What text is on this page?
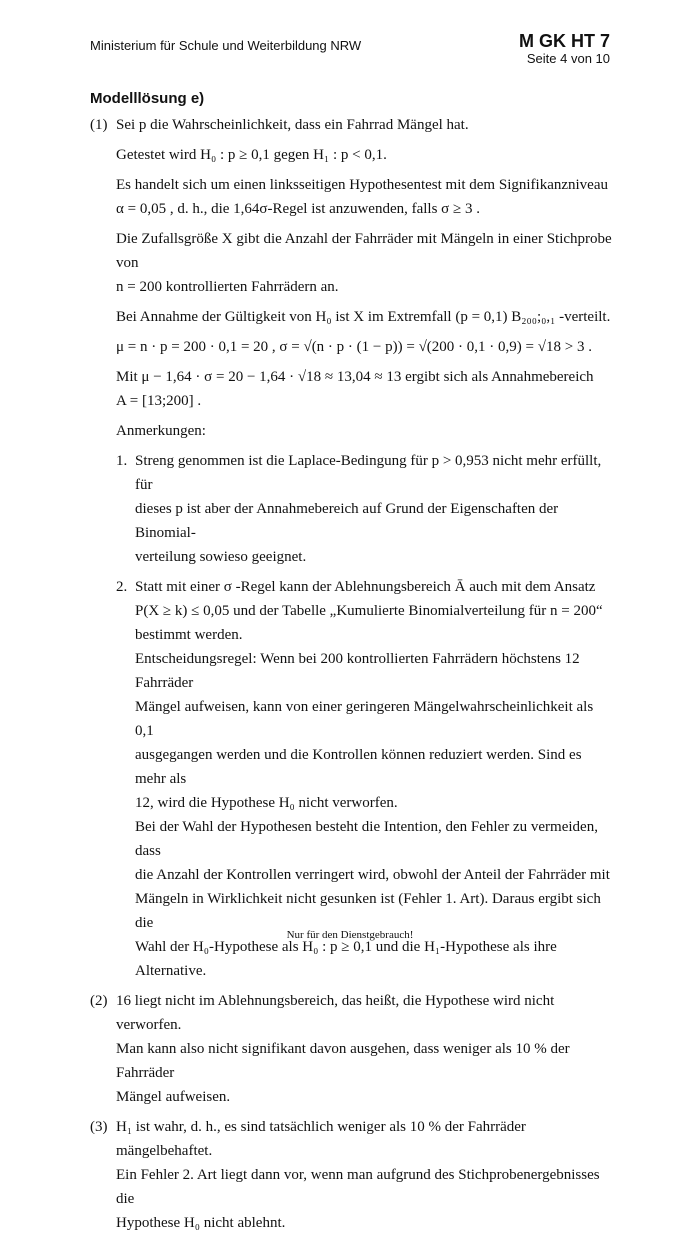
Ministerium für Schule und Weiterbildung NRW	M GK HT 7
Seite 4 von 10
Modelllösung e)
(1) Sei p die Wahrscheinlichkeit, dass ein Fahrrad Mängel hat.

Getestet wird H₀ : p ≥ 0,1 gegen H₁ : p < 0,1.

Es handelt sich um einen linksseitigen Hypothesentest mit dem Signifikanzniveau

α = 0,05 , d. h., die 1,64σ-Regel ist anzuwenden, falls σ ≥ 3 .

Die Zufallsgröße X gibt die Anzahl der Fahrräder mit Mängeln in einer Stichprobe von

n = 200 kontrollierten Fahrrädern an.

Bei Annahme der Gültigkeit von H₀ ist X im Extremfall (p = 0,1) B₂₀₀;₀,₁ -verteilt.

μ = n · p = 200 · 0,1 = 20 , σ = √(n · p · (1 − p)) = √(200 · 0,1 · 0,9) = √18 > 3 .

Mit μ − 1,64 · σ = 20 − 1,64 · √18 ≈ 13,04 ≈ 13 ergibt sich als Annahmebereich

A = [13;200] .

Anmerkungen:

1. Streng genommen ist die Laplace-Bedingung für p > 0,953 nicht mehr erfüllt, für

dieses p ist aber der Annahmebereich auf Grund der Eigenschaften der Binomial-

verteilung sowieso geeignet.

2. Statt mit einer σ -Regel kann der Ablehnungsbereich Ā auch mit dem Ansatz

P(X ≥ k) ≤ 0,05 und der Tabelle „Kumulierte Binomialverteilung für n = 200“

bestimmt werden.

Entscheidungsregel: Wenn bei 200 kontrollierten Fahrrädern höchstens 12 Fahrräder

Mängel aufweisen, kann von einer geringeren Mängelwahrscheinlichkeit als 0,1

ausgegangen werden und die Kontrollen können reduziert werden. Sind es mehr als

12, wird die Hypothese H₀ nicht verworfen.

Bei der Wahl der Hypothesen besteht die Intention, den Fehler zu vermeiden, dass

die Anzahl der Kontrollen verringert wird, obwohl der Anteil der Fahrräder mit

Mängeln in Wirklichkeit nicht gesunken ist (Fehler 1. Art). Daraus ergibt sich die

Wahl der H₀-Hypothese als H₀ : p ≥ 0,1 und die H₁-Hypothese als ihre Alternative.

(2) 16 liegt nicht im Ablehnungsbereich, das heißt, die Hypothese wird nicht verworfen.

Man kann also nicht signifikant davon ausgehen, dass weniger als 10 % der Fahrräder

Mängel aufweisen.

(3) H₁ ist wahr, d. h., es sind tatsächlich weniger als 10 % der Fahrräder mängelbehaftet.

Ein Fehler 2. Art liegt dann vor, wenn man aufgrund des Stichprobenergebnisses die

Hypothese H₀ nicht ablehnt.

Nur für den Dienstgebrauch!
